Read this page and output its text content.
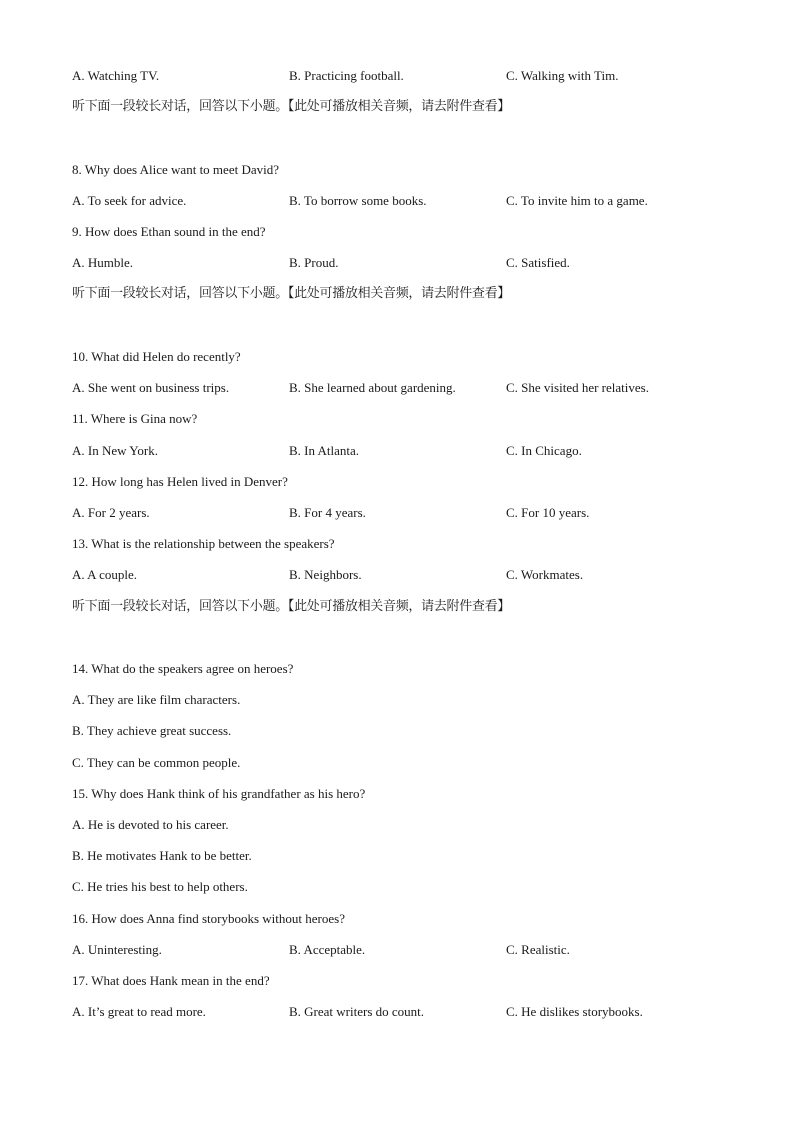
A. Watching TV.	B. Practicing football.	C. Walking with Tim.
听下面一段较长对话，回答以下小题。【此处可播放相关音频，请去附件查看】
8. Why does Alice want to meet David?
A. To seek for advice.	B. To borrow some books.	C. To invite him to a game.
9. How does Ethan sound in the end?
A. Humble.	B. Proud.	C. Satisfied.
听下面一段较长对话，回答以下小题。【此处可播放相关音频，请去附件查看】
10. What did Helen do recently?
A. She went on business trips.	B. She learned about gardening.	C. She visited her relatives.
11. Where is Gina now?
A. In New York.	B. In Atlanta.	C. In Chicago.
12. How long has Helen lived in Denver?
A. For 2 years.	B. For 4 years.	C. For 10 years.
13. What is the relationship between the speakers?
A. A couple.	B. Neighbors.	C. Workmates.
听下面一段较长对话，回答以下小题。【此处可播放相关音频，请去附件查看】
14. What do the speakers agree on heroes?
A. They are like film characters.
B. They achieve great success.
C. They can be common people.
15. Why does Hank think of his grandfather as his hero?
A. He is devoted to his career.
B. He motivates Hank to be better.
C. He tries his best to help others.
16. How does Anna find storybooks without heroes?
A. Uninteresting.	B. Acceptable.	C. Realistic.
17. What does Hank mean in the end?
A. It’s great to read more.	B. Great writers do count.	C. He dislikes storybooks.
